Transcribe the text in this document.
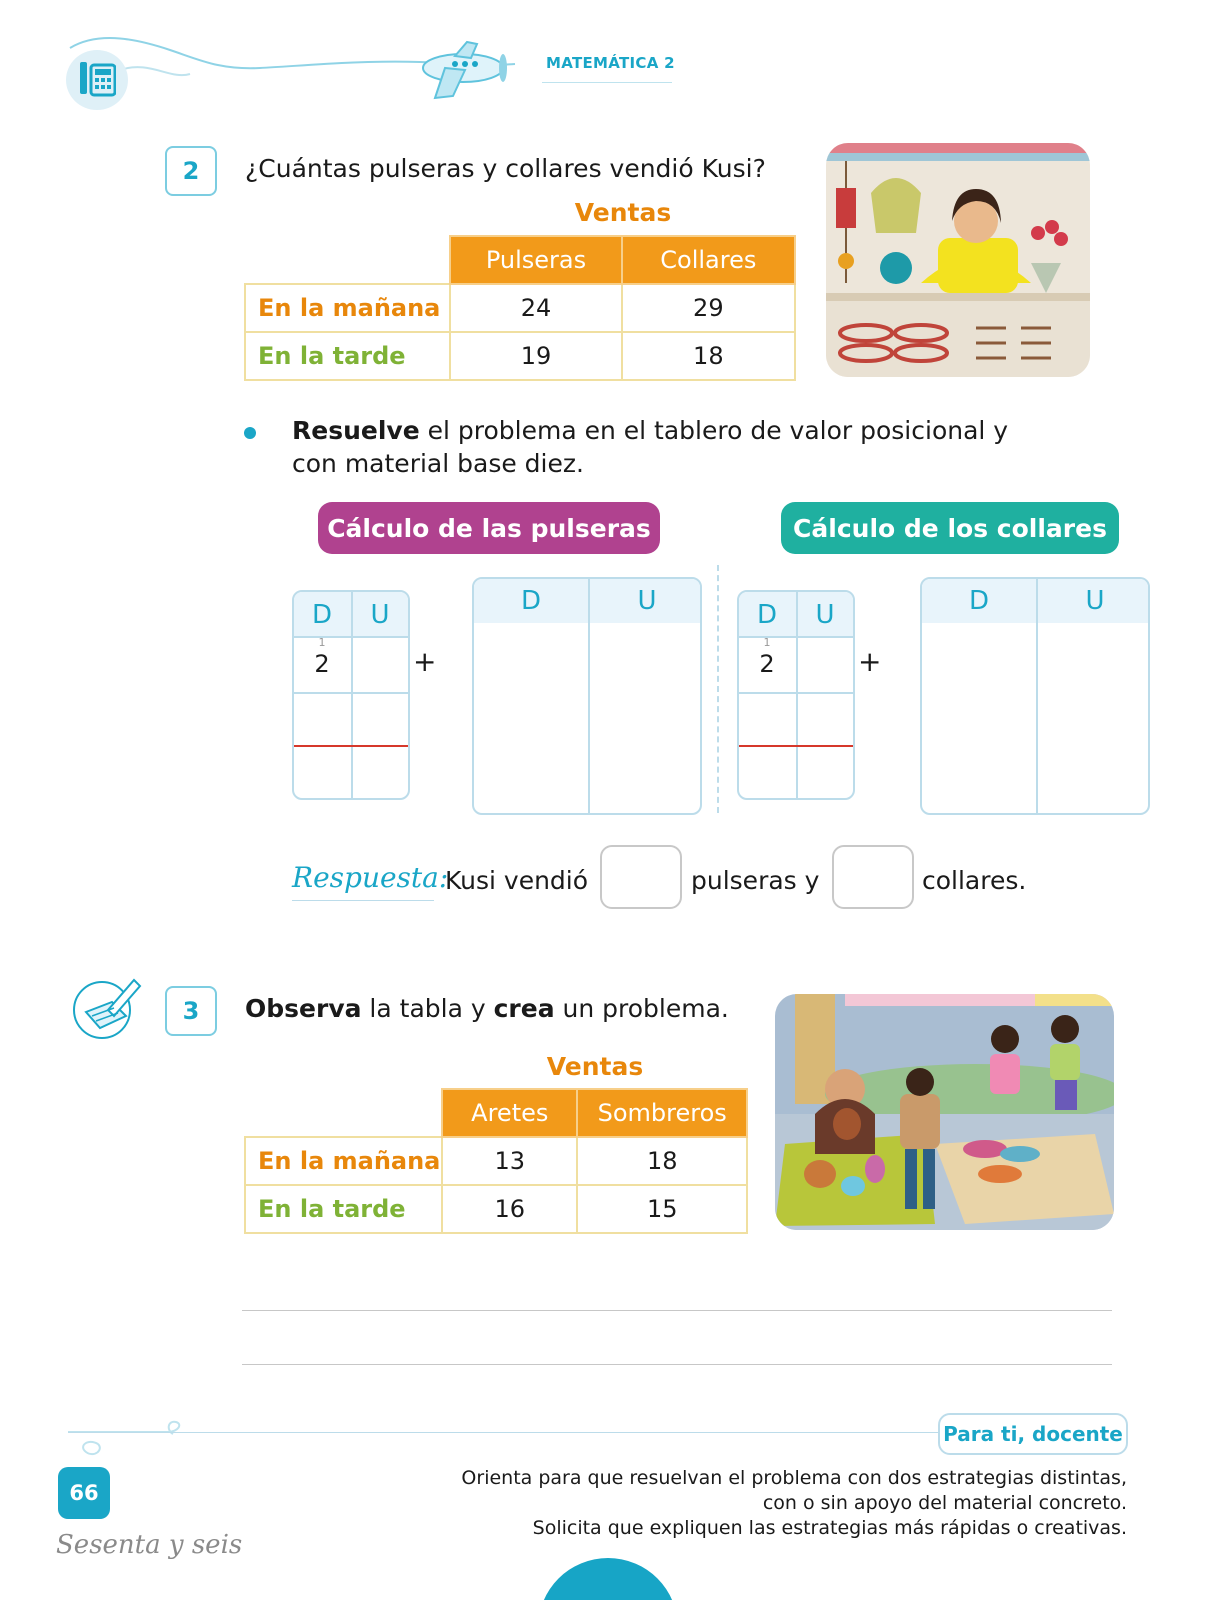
MATEMÁTICA 2
2	¿Cuántas pulseras y collares vendió Kusi?
Ventas
	Pulseras	Collares
En la mañana	24	29
En la tarde	19	18
Resuelve el problema en el tablero de valor posicional y con material base diez.
Cálculo de las pulseras	Cálculo de los collares
D	U
1
2	+
D	U	D	U
1
2	+
D	U
Respuesta:
Kusi vendió	pulseras y	collares.
3	Observa la tabla y crea un problema.
Ventas
	Aretes	Sombreros
En la mañana	13	18
En la tarde	16	15
Para ti, docente
Orienta para que resuelvan el problema con dos estrategias distintas,
con o sin apoyo del material concreto.
Solicita que expliquen las estrategias más rápidas o creativas.
66
Sesenta y seis
